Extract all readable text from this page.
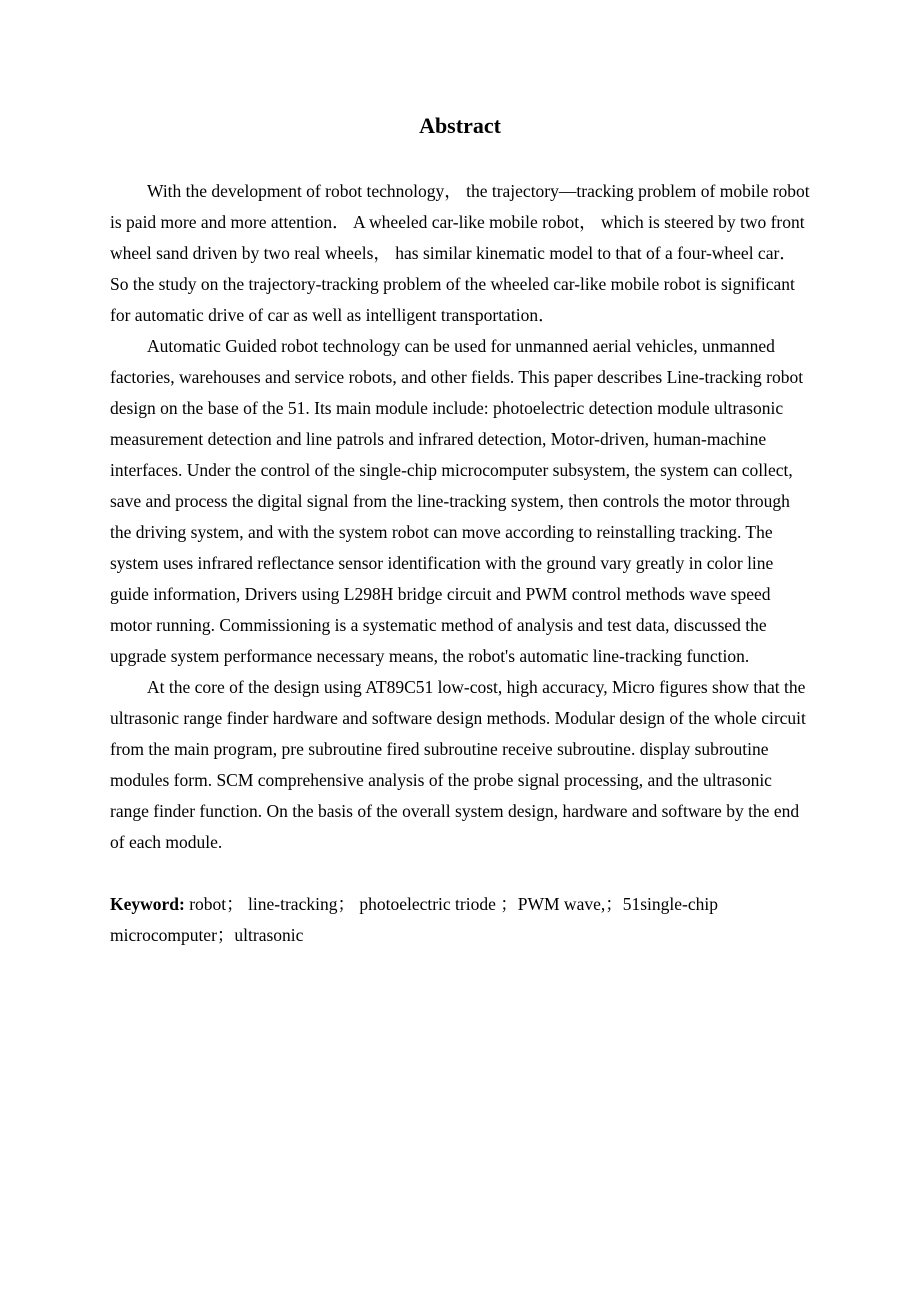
Abstract

With the development of robot technology， the trajectory—tracking problem of mobile robot is paid more and more attention． A wheeled car-like mobile robot， which is steered by two front wheel sand driven by two real wheels， has similar kinematic model to that of a four-wheel car． So the study on the trajectory-tracking problem of the wheeled car-like mobile robot is significant for automatic drive of car as well as intelligent transportation．

Automatic Guided robot technology can be used for unmanned aerial vehicles, unmanned factories, warehouses and service robots, and other fields. This paper describes Line-tracking robot design on the base of the 51. Its main module include: photoelectric detection module ultrasonic measurement detection and line patrols and infrared detection, Motor-driven, human-machine interfaces. Under the control of the single-chip microcomputer subsystem, the system can collect, save and process the digital signal from the line-tracking system, then controls the motor through the driving system, and with the system robot can move according to reinstalling tracking. The system uses infrared reflectance sensor identification with the ground vary greatly in color line guide information, Drivers using L298H bridge circuit and PWM control methods wave speed motor running. Commissioning is a systematic method of analysis and test data, discussed the upgrade system performance necessary means, the robot's automatic line-tracking function.

At the core of the design using AT89C51 low-cost, high accuracy, Micro figures show that the ultrasonic range finder hardware and software design methods. Modular design of the whole circuit from the main program, pre subroutine fired subroutine receive subroutine. display subroutine modules form. SCM comprehensive analysis of the probe signal processing, and the ultrasonic range finder function. On the basis of the overall system design, hardware and software by the end of each module.

Keyword: robot； line-tracking； photoelectric triode ；PWM wave,；51single-chip microcomputer；ultrasonic
